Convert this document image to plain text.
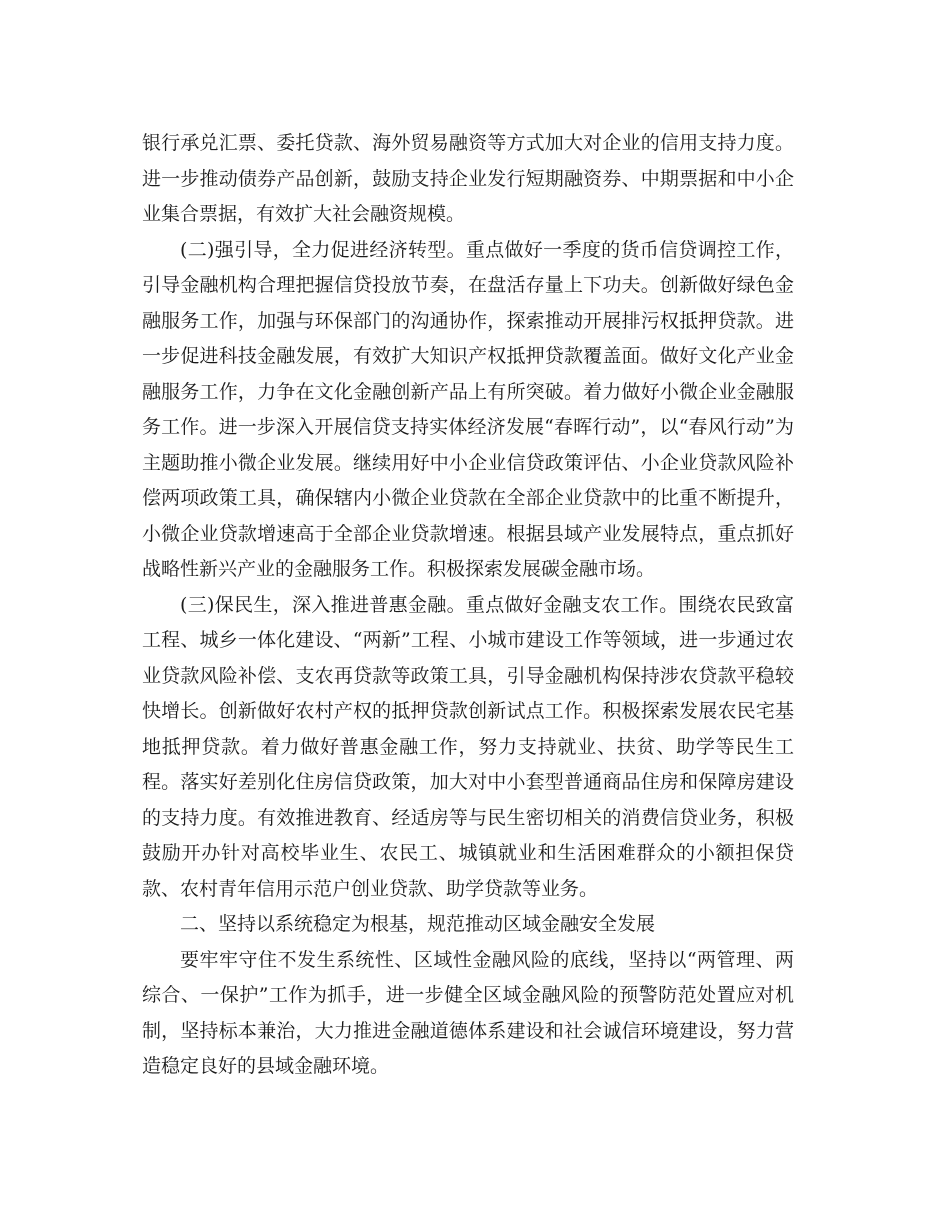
银行承兑汇票、委托贷款、海外贸易融资等方式加大对企业的信用支持力度。进一步推动债券产品创新，鼓励支持企业发行短期融资券、中期票据和中小企业集合票据，有效扩大社会融资规模。

(二)强引导，全力促进经济转型。重点做好一季度的货币信贷调控工作，引导金融机构合理把握信贷投放节奏，在盘活存量上下功夫。创新做好绿色金融服务工作，加强与环保部门的沟通协作，探索推动开展排污权抵押贷款。进一步促进科技金融发展，有效扩大知识产权抵押贷款覆盖面。做好文化产业金融服务工作，力争在文化金融创新产品上有所突破。着力做好小微企业金融服务工作。进一步深入开展信贷支持实体经济发展“春晖行动”，以“春风行动”为主题助推小微企业发展。继续用好中小企业信贷政策评估、小企业贷款风险补偿两项政策工具，确保辖内小微企业贷款在全部企业贷款中的比重不断提升，小微企业贷款增速高于全部企业贷款增速。根据县域产业发展特点，重点抓好战略性新兴产业的金融服务工作。积极探索发展碳金融市场。

(三)保民生，深入推进普惠金融。重点做好金融支农工作。围绕农民致富工程、城乡一体化建设、“两新”工程、小城市建设工作等领域，进一步通过农业贷款风险补偿、支农再贷款等政策工具，引导金融机构保持涉农贷款平稳较快增长。创新做好农村产权的抵押贷款创新试点工作。积极探索发展农民宅基地抵押贷款。着力做好普惠金融工作，努力支持就业、扶贫、助学等民生工程。落实好差别化住房信贷政策，加大对中小套型普通商品住房和保障房建设的支持力度。有效推进教育、经适房等与民生密切相关的消费信贷业务，积极鼓励开办针对高校毕业生、农民工、城镇就业和生活困难群众的小额担保贷款、农村青年信用示范户创业贷款、助学贷款等业务。

二、坚持以系统稳定为根基，规范推动区域金融安全发展

要牢牢守住不发生系统性、区域性金融风险的底线，坚持以“两管理、两综合、一保护”工作为抓手，进一步健全区域金融风险的预警防范处置应对机制，坚持标本兼治，大力推进金融道德体系建设和社会诚信环境建设，努力营造稳定良好的县域金融环境。
